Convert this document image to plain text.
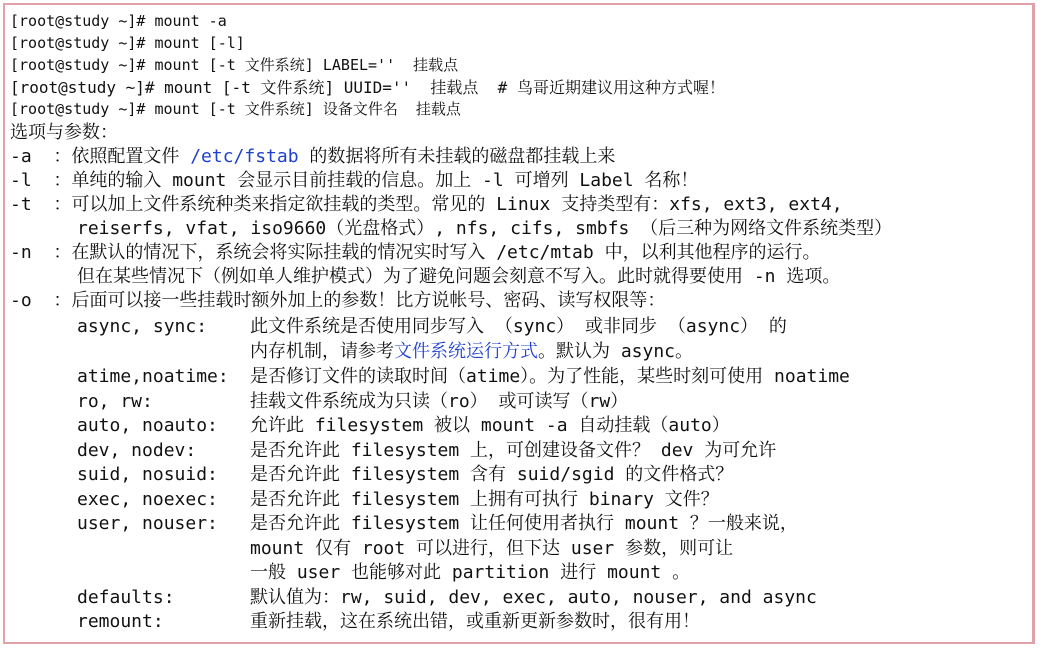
[root@study ~]# mount -a
[root@study ~]# mount [-l]
[root@study ~]# mount [-t 文件系统] LABEL=''  挂载点
[root@study ~]# mount [-t 文件系统] UUID=''  挂载点  # 鸟哥近期建议用这种方式喔！
[root@study ~]# mount [-t 文件系统] 设备文件名  挂载点
选项与参数：
-a  ：依照配置文件 /etc/fstab 的数据将所有未挂载的磁盘都挂载上来
-l  ：单纯的输入 mount 会显示目前挂载的信息。加上 -l 可增列 Label 名称！
-t  ：可以加上文件系统种类来指定欲挂载的类型。常见的 Linux 支持类型有：xfs, ext3, ext4,
reiserfs, vfat, iso9660（光盘格式）, nfs, cifs, smbfs （后三种为网络文件系统类型）
-n  ：在默认的情况下，系统会将实际挂载的情况实时写入 /etc/mtab 中，以利其他程序的运行。
但在某些情况下（例如单人维护模式）为了避免问题会刻意不写入。此时就得要使用 -n 选项。
-o  ：后面可以接一些挂载时额外加上的参数！比方说帐号、密码、读写权限等：
async, sync: 此文件系统是否使用同步写入 （sync） 或非同步 （async） 的
内存机制，请参考文件系统运行方式。默认为 async。
atime,noatime: 是否修订文件的读取时间（atime）。为了性能，某些时刻可使用 noatime
ro, rw:	挂载文件系统成为只读（ro） 或可读写（rw）
auto, noauto: 允许此 filesystem 被以 mount -a 自动挂载（auto）
dev, nodev:	是否允许此 filesystem 上，可创建设备文件？ dev 为可允许
suid, nosuid: 是否允许此 filesystem 含有 suid/sgid 的文件格式？
exec, noexec: 是否允许此 filesystem 上拥有可执行 binary 文件？
user, nouser: 是否允许此 filesystem 让任何使用者执行 mount ？一般来说，
mount 仅有 root 可以进行，但下达 user 参数，则可让
一般 user 也能够对此 partition 进行 mount 。
defaults:	默认值为：rw, suid, dev, exec, auto, nouser, and async
remount:	重新挂载，这在系统出错，或重新更新参数时，很有用！
